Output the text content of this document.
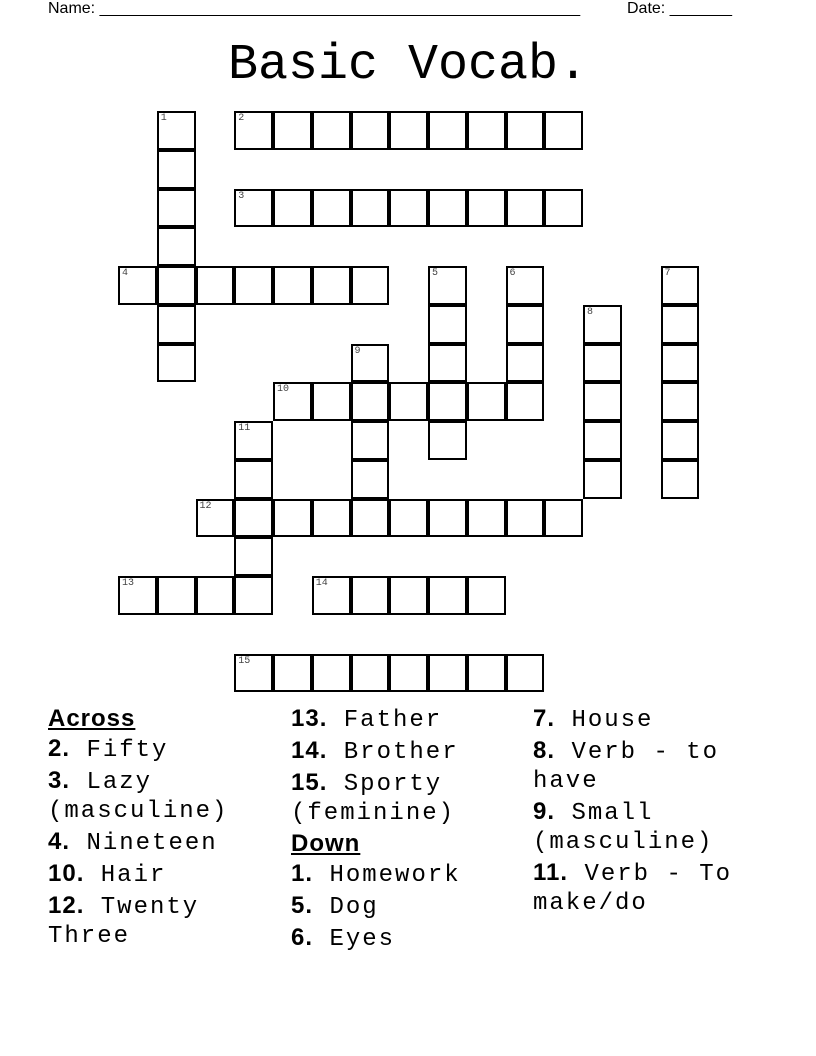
Name: ______________________________________________________	Date: _______
Basic Vocab.
1	2
3
4	5	6	7
8
9
10
11
12
13	14
15
Across
2. Fifty
3. Lazy (masculine)
4. Nineteen
10. Hair
12. Twenty Three
13. Father
14. Brother
15. Sporty (feminine)
Down
1. Homework
5. Dog
6. Eyes
7. House
8. Verb - to have
9. Small (masculine)
11. Verb - To make/do
